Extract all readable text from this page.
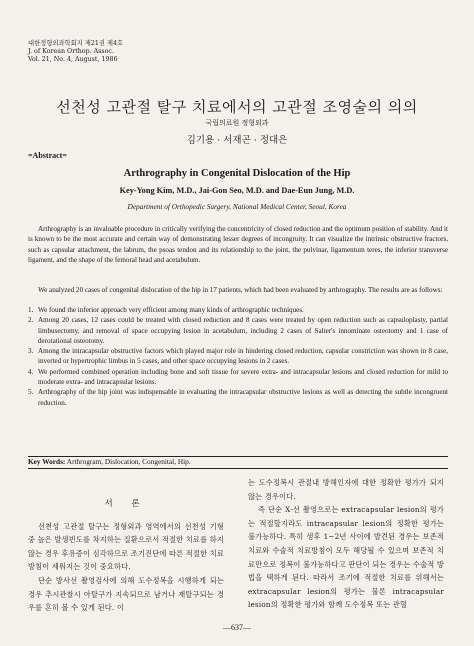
대한정형외과학회지 제21권 제4호
J. of Korean Orthop. Assoc.
Vol. 21, No. 4, August, 1986
선천성 고관절 탈구 치료에서의 고관절 조영술의 의의
국립의료원 정형외과
김기용 · 서재곤 · 정대은
=Abstract=
Arthrography in Congenital Dislocation of the Hip
Key-Yong Kim, M.D., Jai-Gon Seo, M.D. and Dae-Eun Jung, M.D.
Department of Orthopedic Surgery, National Medical Center, Seoul, Korea

Arthrography is an invaluable procedure in critically verifying the concentricity of closed reduction and the optimum position of stability. And it is known to be the most accurate and certain way of demonstrating lesser degrees of incongruity. It can visualize the intrinsic obstructive fractors, such as capsular attachment, the labrum, the psoas tendon and its relationship to the joint, the pulvinar, ligamentum teres, the inferior transverse ligament, and the shape of the femoral head and acetabulum.

We analyzed 20 cases of congenital dislocation of the hip in 17 patients, which had been evaluated by arthrography. The results are as follows:

1. We found the inferior approach very efficient among many kinds of arthrographic techniques.
2. Among 20 cases, 12 cases could be treated with closed reduction and 8 cases were treated by open reduction such as capsuloplasty, partial limbusectomy, and removal of space occupying lesion in acetabulum, including 2 cases of Salter's innominate osteotomy and 1 case of derotational osteotomy.
3. Among the intracapsular obstructive factors which played major role in hindering closed reduction, capsular constriction was shown in 8 case, inverted or hypertrophic limbus in 5 cases, and other space occupying lesions in 2 cases.
4. We performed combined operation including bone and soft tissue for severe extra- and intracapsular lesions and closed reduction for mild to moderate extra- and intracapsular lesions.
5. Arthrography of the hip joint was indispensable in evaluating the intracapsular obstructive lesions as well as detecting the subtle incongruent reduction.
Key Words: Arthrogram, Dislocation, Congenital, Hip.
서 론

선천성 고관절 탈구는 정형외과 영역에서의 선천성 기형중 높은 발생빈도를 차지하는 질환으로서 적절한 치료를 하지않는 경우 후유증이 심각하므로 조기진단에 따른 적절한 치료방침이 세워지는 것이 중요하다.

단순 방사선 촬영검사에 의해 도수정복을 시행하게 되는 경우 추시관찰시 아탈구가 지속되므로 남거나 재탈구되는 경우를 흔히 볼 수 있게 된다. 이

는 도수정복시 관절내 방해인자에 대한 정확한 평가가 되지 않는 경우이다.

즉 단순 X-선 촬영으로는 extracapsular lesion의 평가는 적절할지라도 intracapsular lesion의 정확한 평가는 불가능하다. 특히 생후 1~2년 사이에 발견된 경우는 보존적 치료와 수술적 치료방침이 모두 해당될 수 있으며 보존적 치료만으로 정복이 불가능하다고 판단이 되는 경우는 수술적 방법을 택하게 된다. 따라서 조기에 적절한 치료를 위해서는 extracapsular lesion의 평가는 물론 intracapsular lesion의 정확한 평가와 함께 도수정복 또는 관혈

—637—
